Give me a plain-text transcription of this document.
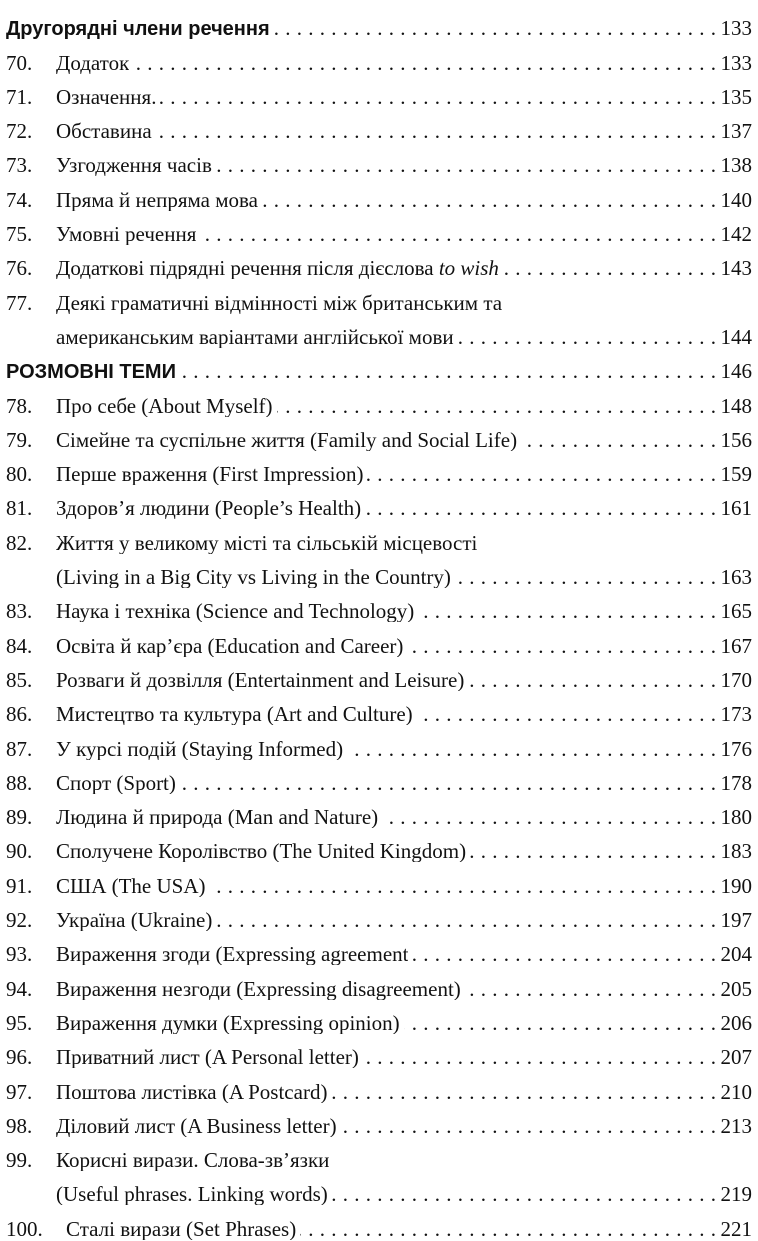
Другорядні члени речення . . .	133
70.	Додаток . . .	133
71.	Означення. . . .	135
72.	Обставина . . .	137
73.	Узгодження часів . . .	138
74.	Пряма й непряма мова . . .	140
75.	Умовні речення . . .	142
76.	Додаткові підрядні речення після дієслова to wish . . .	143
77.	Деякі граматичні відмінності між британським та
американським варіантами англійської мови . . .	144
РОЗМОВНІ ТЕМИ . . .	146
78.	Про себе (About Myself) . . .	148
79.	Сімейне та суспільне життя (Family and Social Life) . . .	156
80.	Перше враження (First Impression) . . .	159
81.	Здоров’я людини (People’s Health) . . .	161
82.	Життя у великому місті та сільській місцевості
(Living in a Big City vs Living in the Country) . . .	163
83.	Наука і техніка (Science and Technology) . . .	165
84.	Освіта й кар’єра (Education and Career) . . .	167
85.	Розваги й дозвілля (Entertainment and Leisure) . . .	170
86.	Мистецтво та культура (Art and Culture) . . .	173
87.	У курсі подій (Staying Informed) . . .	176
88.	Спорт (Sport) . . .	178
89.	Людина й природа (Man and Nature) . . .	180
90.	Сполучене Королівство (The United Kingdom) . . .	183
91.	США (The USA) . . .	190
92.	Україна (Ukraine) . . .	197
93.	Вираження згоди (Expressing agreement . . .	204
94.	Вираження незгоди (Expressing disagreement) . . .	205
95.	Вираження думки (Expressing opinion) . . .	206
96.	Приватний лист (A Personal letter) . . .	207
97.	Поштова листівка (A Postcard) . . .	210
98.	Діловий лист (A Business letter) . . .	213
99.	Корисні вирази. Слова-зв’язки
(Useful phrases. Linking words) . . .	219
100.	Сталі вирази (Set Phrases) . . .	221
